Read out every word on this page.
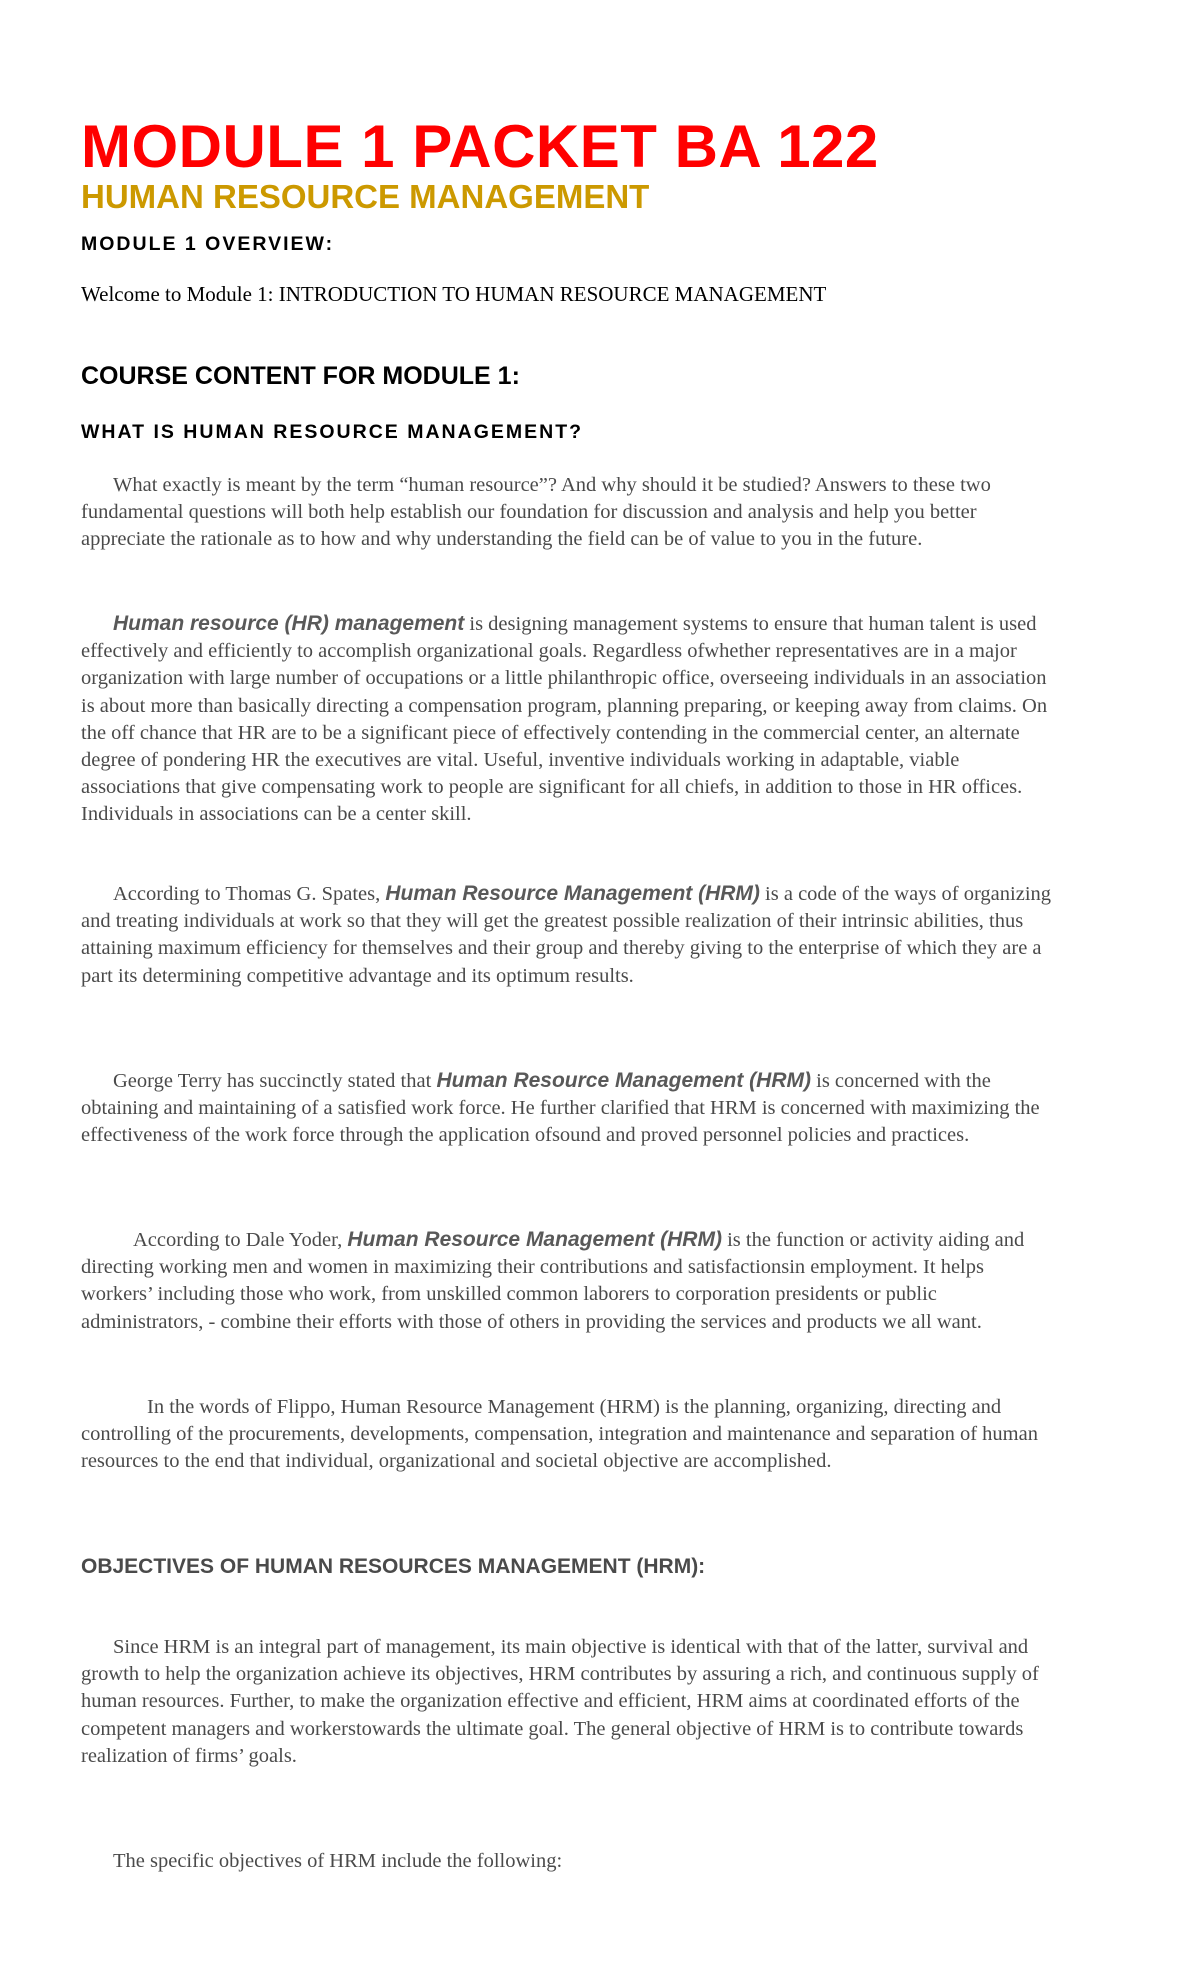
MODULE 1 PACKET BA 122
HUMAN RESOURCE MANAGEMENT
MODULE 1 OVERVIEW:

Welcome to Module 1: INTRODUCTION TO HUMAN RESOURCE MANAGEMENT

COURSE CONTENT FOR MODULE 1:
WHAT IS HUMAN RESOURCE MANAGEMENT?

What exactly is meant by the term “human resource”? And why should it be studied? Answers to these two fundamental questions will both help establish our foundation for discussion and analysis and help you better appreciate the rationale as to how and why understanding the field can be of value to you in the future.

Human resource (HR) management is designing management systems to ensure that human talent is used effectively and efficiently to accomplish organizational goals. Regardless ofwhether representatives are in a major organization with large number of occupations or a little philanthropic office, overseeing individuals in an association is about more than basically directing a compensation program, planning preparing, or keeping away from claims. On the off chance that HR are to be a significant piece of effectively contending in the commercial center, an alternate degree of pondering HR the executives are vital. Useful, inventive individuals working in adaptable, viable associations that give compensating work to people are significant for all chiefs, in addition to those in HR offices. Individuals in associations can be a center skill.

According to Thomas G. Spates, Human Resource Management (HRM) is a code of the ways of organizing and treating individuals at work so that they will get the greatest possible realization of their intrinsic abilities, thus attaining maximum efficiency for themselves and their group and thereby giving to the enterprise of which they are a part its determining competitive advantage and its optimum results.

George Terry has succinctly stated that Human Resource Management (HRM) is concerned with the obtaining and maintaining of a satisfied work force. He further clarified that HRM is concerned with maximizing the effectiveness of the work force through the application ofsound and proved personnel policies and practices.

According to Dale Yoder, Human Resource Management (HRM) is the function or activity aiding and directing working men and women in maximizing their contributions and satisfactionsin employment. It helps workers’ including those who work, from unskilled common laborers to corporation presidents or public administrators, - combine their efforts with those of others in providing the services and products we all want.

In the words of Flippo, Human Resource Management (HRM) is the planning, organizing, directing and controlling of the procurements, developments, compensation, integration and maintenance and separation of human resources to the end that individual, organizational and societal objective are accomplished.

OBJECTIVES OF HUMAN RESOURCES MANAGEMENT (HRM):

Since HRM is an integral part of management, its main objective is identical with that of the latter, survival and growth to help the organization achieve its objectives, HRM contributes by assuring a rich, and continuous supply of human resources. Further, to make the organization effective and efficient, HRM aims at coordinated efforts of the competent managers and workerstowards the ultimate goal. The general objective of HRM is to contribute towards realization of firms’ goals.

The specific objectives of HRM include the following:
